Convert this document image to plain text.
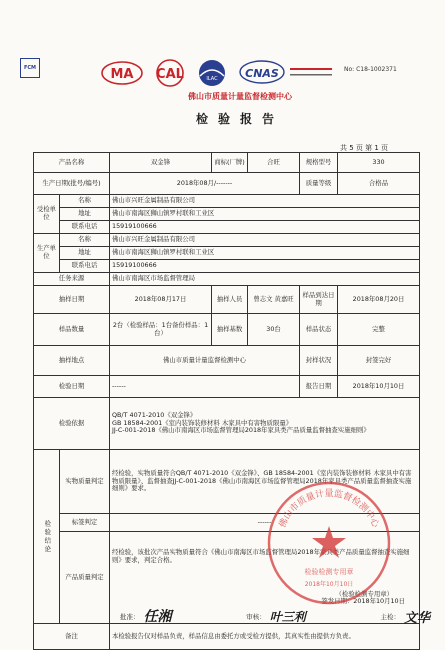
FCM	MA CAL	ILAC	CNAS	No: C18-1002371
佛山市质量计量监督检测中心
检验报告
共 5 页 第 1 页
产品名称		双金锋	商标(厂牌)	合旺	规格型号	330
生产日期(批号/编号)		2018年08月/-------			质量等级	合格品
受检单位	名称	佛山市兴旺金属制品有限公司				
	地址	佛山市南海区狮山镇罗村联和工业区				
	联系电话	15919100666				
生产单位	名称	佛山市兴旺金属制品有限公司				
	地址	佛山市南海区狮山镇罗村联和工业区				
	联系电话	15919100666				
任务来源		佛山市南海区市场监督管理局				
抽样日期		2018年08月17日	抽样人员	曾志文 黄嘉旺	样品到达日期	2018年08月20日
样品数量		2台（检验样品：1台备份样品：1台）	抽样基数	30台	样品状态	完整
抽样地点		佛山市质量计量监督检测中心			封样状况	封签完好
检验日期		------			报告日期	2018年10月10日
检验依据		QB/T 4071-2010《双金锋》
GB 18584-2001《室内装饰装修材料 木家具中有害物质限量》
JJ-C-001-2018《佛山市南海区市场监督管理局2018年家具类产品质量监督抽查实施细则》				

检验结论	实物质量判定	经检验，实物质量符合QB/T 4071-2010《双金锋》、GB 18584-2001《室内装饰装修材料 木家具中有害物质限量》、监督抽查JJ-C-001-2018《佛山市南海区市场监督管理局2018年家具类产品质量监督抽查实施细则》要求。				
	标签判定	------				
	产品质量判定	经检验，该批次产品实物质量符合《佛山市南海区市场监督管理局2018年家具类产品质量监督抽查实施细则》要求，判定合格。
（检验检测专用章）
签发日期：2018年10月10日				

备注		本检验报告仅对样品负责，样品信息由委托方或受检方提供，其真实性由提供方负责。				
佛山市质量计量监督检测中心
检验检测专用章
2018年10月10日
批准： 任湘	审核： 叶三利	主检： 文华
